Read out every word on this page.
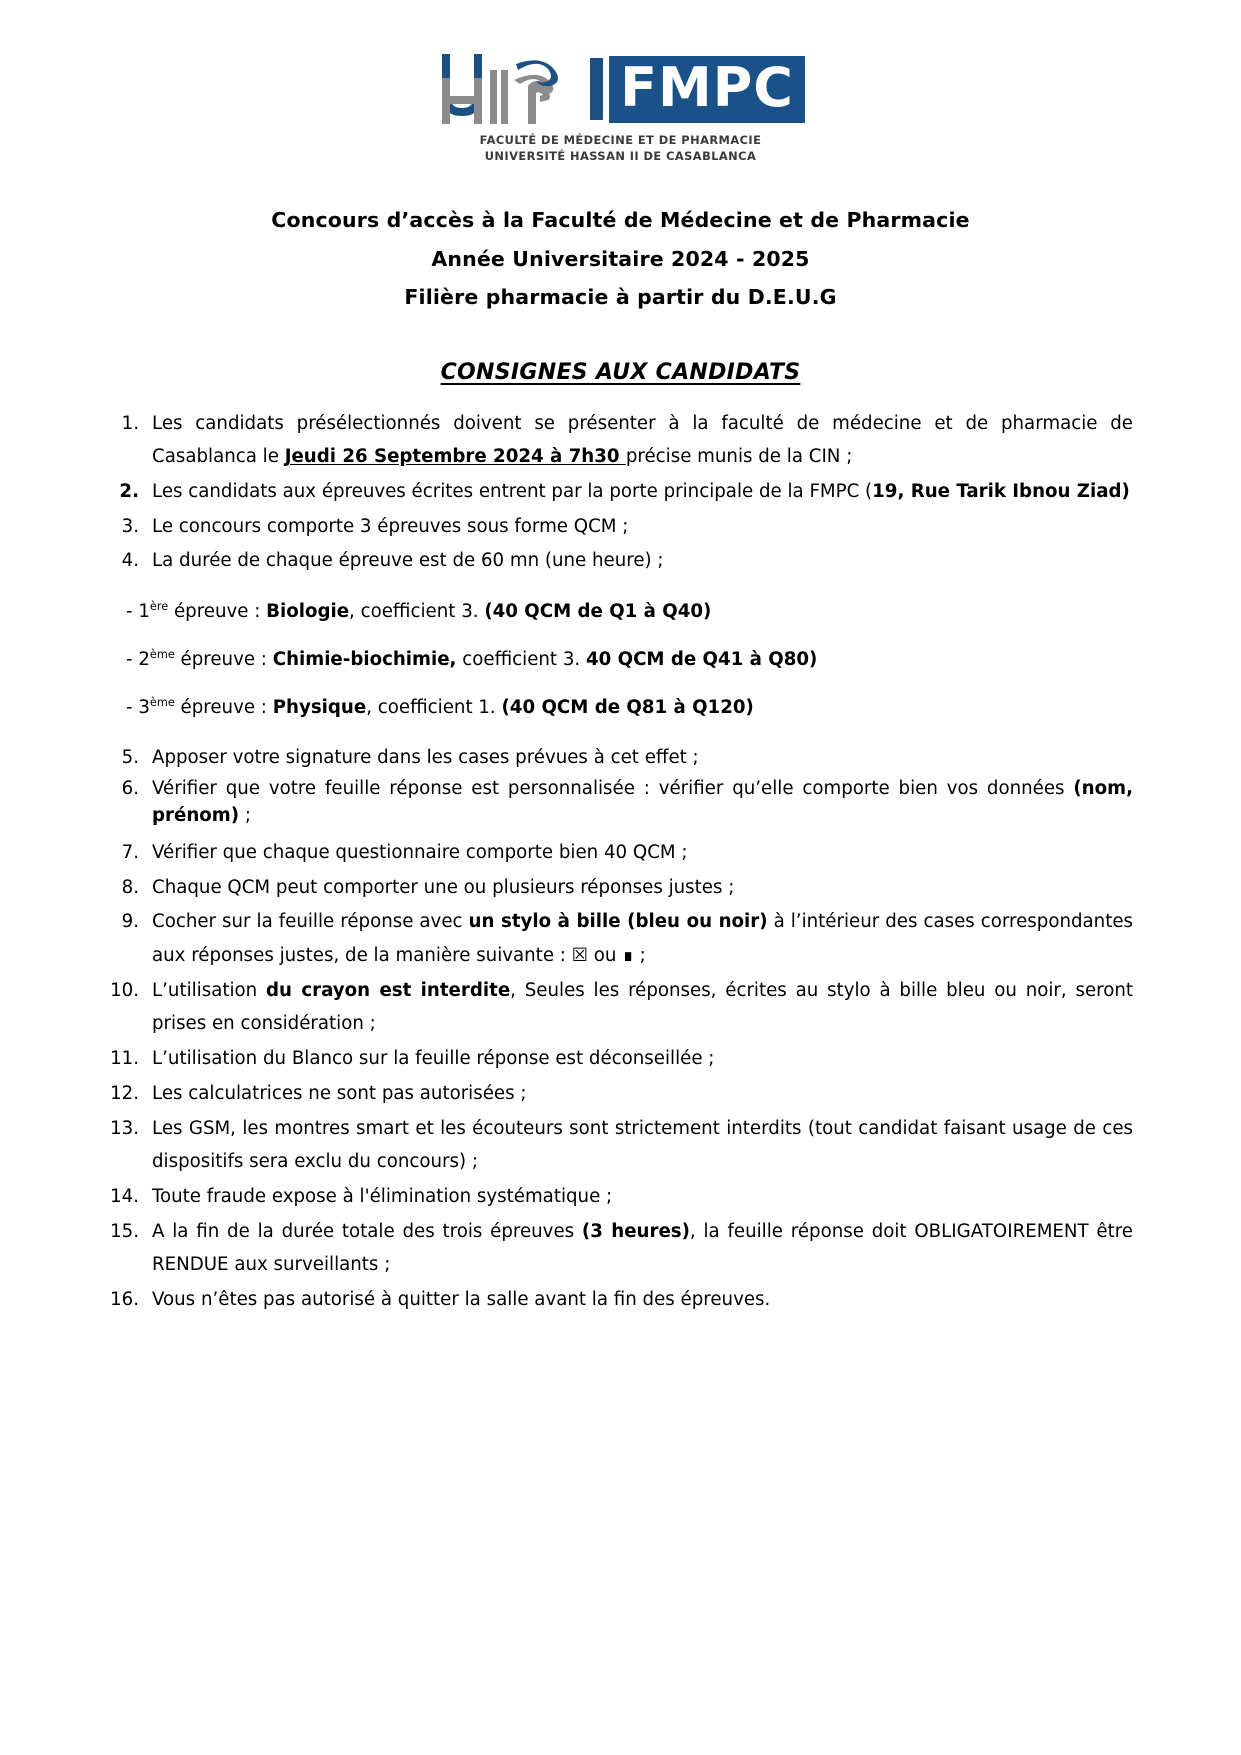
FMPC
FACULTÉ DE MÉDECINE ET DE PHARMACIE
UNIVERSITÉ HASSAN II DE CASABLANCA
Concours d’accès à la Faculté de Médecine et de Pharmacie
Année Universitaire 2024 - 2025
Filière pharmacie à partir du D.E.U.G
CONSIGNES AUX CANDIDATS
1. Les candidats présélectionnés doivent se présenter à la faculté de médecine et de pharmacie de Casablanca le Jeudi 26 Septembre 2024 à 7h30 précise munis de la CIN ;
2. Les candidats aux épreuves écrites entrent par la porte principale de la FMPC (19, Rue Tarik Ibnou Ziad)
3. Le concours comporte 3 épreuves sous forme QCM ;
4. La durée de chaque épreuve est de 60 mn (une heure) ;
- 1ère épreuve : Biologie, coefficient 3. (40 QCM de Q1 à Q40)
- 2ème épreuve : Chimie-biochimie, coefficient 3. 40 QCM de Q41 à Q80)
- 3ème épreuve : Physique, coefficient 1. (40 QCM de Q81 à Q120)
5. Apposer votre signature dans les cases prévues à cet effet ;
6. Vérifier que votre feuille réponse est personnalisée : vérifier qu’elle comporte bien vos données (nom, prénom) ;
7. Vérifier que chaque questionnaire comporte bien 40 QCM ;
8. Chaque QCM peut comporter une ou plusieurs réponses justes ;
9. Cocher sur la feuille réponse avec un stylo à bille (bleu ou noir) à l’intérieur des cases correspondantes aux réponses justes, de la manière suivante : ☒ ou ∎ ;
10. L’utilisation du crayon est interdite, Seules les réponses, écrites au stylo à bille bleu ou noir, seront prises en considération ;
11. L’utilisation du Blanco sur la feuille réponse est déconseillée ;
12. Les calculatrices ne sont pas autorisées ;
13. Les GSM, les montres smart et les écouteurs sont strictement interdits (tout candidat faisant usage de ces dispositifs sera exclu du concours) ;
14. Toute fraude expose à l'élimination systématique ;
15. A la fin de la durée totale des trois épreuves (3 heures), la feuille réponse doit OBLIGATOIREMENT être RENDUE aux surveillants ;
16. Vous n’êtes pas autorisé à quitter la salle avant la fin des épreuves.
